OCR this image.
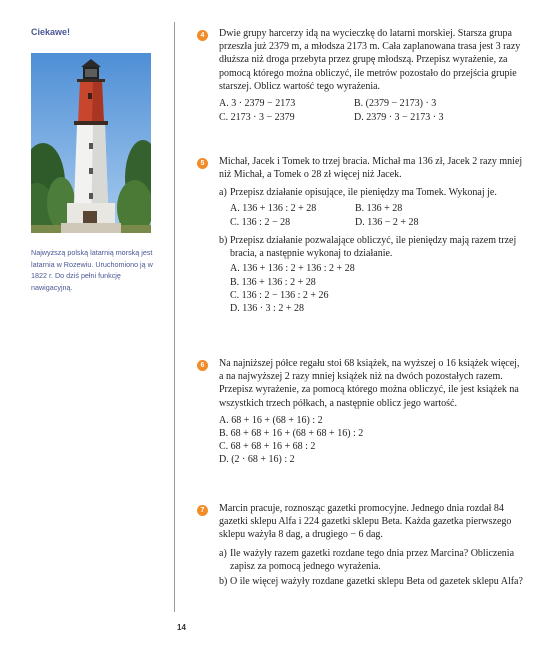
Ciekawe!
Najwyższą polską latarnią morską jest latarnia w Rozewiu. Uruchomiono ją w 1822 r. Do dziś pełni funkcję nawigacyjną.
14
4	Dwie grupy harcerzy idą na wycieczkę do latarni morskiej. Starsza grupa przeszła już 2379 m, a młodsza 2173 m. Cała zaplanowana trasa jest 3 razy dłuższa niż droga przebyta przez grupę młodszą. Przepisz wyrażenie, za pomocą którego można obliczyć, ile metrów pozostało do przejścia grupie starszej. Oblicz wartość tego wyrażenia.
A. 3 · 2379 − 2173	B. (2379 − 2173) · 3
C. 2173 · 3 − 2379	D. 2379 · 3 − 2173 · 3
5	Michał, Jacek i Tomek to trzej bracia. Michał ma 136 zł, Jacek 2 razy mniej niż Michał, a Tomek o 28 zł więcej niż Jacek.
a) Przepisz działanie opisujące, ile pieniędzy ma Tomek. Wykonaj je.
A. 136 + 136 : 2 + 28	B. 136 + 28
C. 136 : 2 − 28	D. 136 − 2 + 28
b) Przepisz działanie pozwalające obliczyć, ile pieniędzy mają razem trzej bracia, a następnie wykonaj to działanie.
A. 136 + 136 : 2 + 136 : 2 + 28
B. 136 + 136 : 2 + 28
C. 136 : 2 − 136 : 2 + 26
D. 136 · 3 : 2 + 28
6	Na najniższej półce regału stoi 68 książek, na wyższej o 16 książek więcej, a na najwyższej 2 razy mniej książek niż na dwóch pozostałych razem. Przepisz wyrażenie, za pomocą którego można obliczyć, ile jest książek na wszystkich trzech półkach, a następnie oblicz jego wartość.
A. 68 + 16 + (68 + 16) : 2
B. 68 + 68 + 16 + (68 + 68 + 16) : 2
C. 68 + 68 + 16 + 68 : 2
D. (2 · 68 + 16) : 2
7	Marcin pracuje, roznosząc gazetki promocyjne. Jednego dnia rozdał 84 gazetki sklepu Alfa i 224 gazetki sklepu Beta. Każda gazetka pierwszego sklepu ważyła 8 dag, a drugiego − 6 dag.
a) Ile ważyły razem gazetki rozdane tego dnia przez Marcina? Obliczenia zapisz za pomocą jednego wyrażenia.
b) O ile więcej ważyły rozdane gazetki sklepu Beta od gazetek sklepu Alfa?
